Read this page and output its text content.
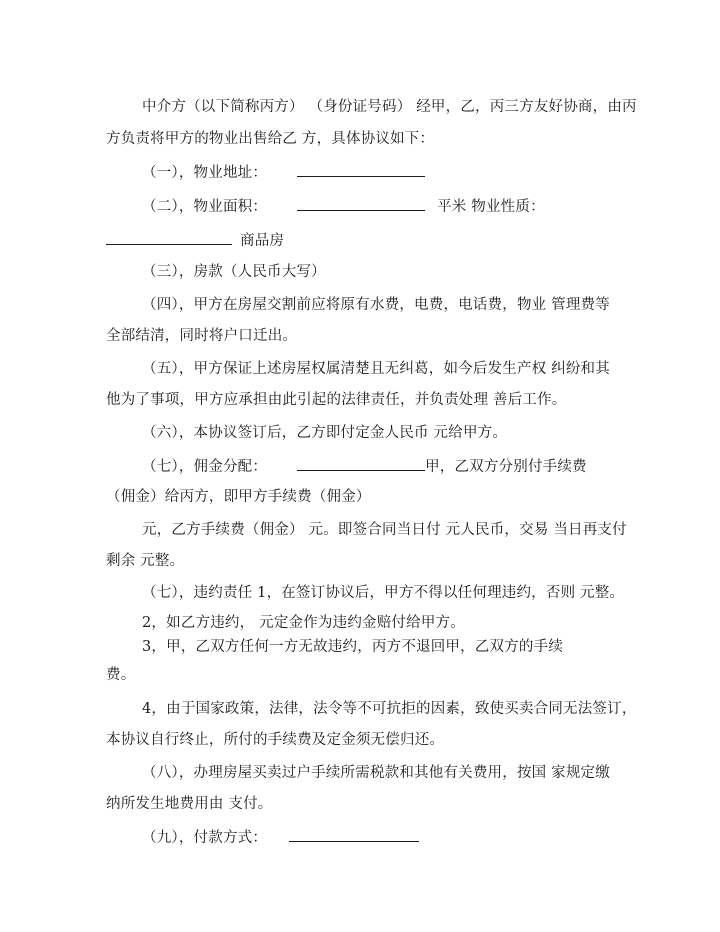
中介方（以下简称丙方） （身份证号码） 经甲，乙，丙三方友好协商，由丙
方负责将甲方的物业出售给乙 方，具体协议如下：
（一），物业地址：
（二），物业面积：	平米 物业性质：
商品房
（三），房款（人民币大写）
（四），甲方在房屋交割前应将原有水费，电费，电话费，物业 管理费等
全部结清，同时将户口迁出。
（五），甲方保证上述房屋权属清楚且无纠葛，如今后发生产权 纠纷和其
他为了事项，甲方应承担由此引起的法律责任，并负责处理 善后工作。
（六），本协议签订后，乙方即付定金人民币 元给甲方。
（七），佣金分配：	甲，乙双方分别付手续费
（佣金）给丙方，即甲方手续费（佣金）
元，乙方手续费（佣金） 元。即签合同当日付 元人民币，交易 当日再支付
剩余 元整。
（七），违约责任 1，在签订协议后，甲方不得以任何理违约，否则 元整。
2，如乙方违约， 元定金作为违约金赔付给甲方。
3，甲，乙双方任何一方无故违约，丙方不退回甲，乙双方的手续
费。
4，由于国家政策，法律，法令等不可抗拒的因素，致使买卖合同无法签订，
本协议自行终止，所付的手续费及定金须无偿归还。
（八），办理房屋买卖过户手续所需税款和其他有关费用，按国 家规定缴
纳所发生地费用由 支付。
（九），付款方式：
